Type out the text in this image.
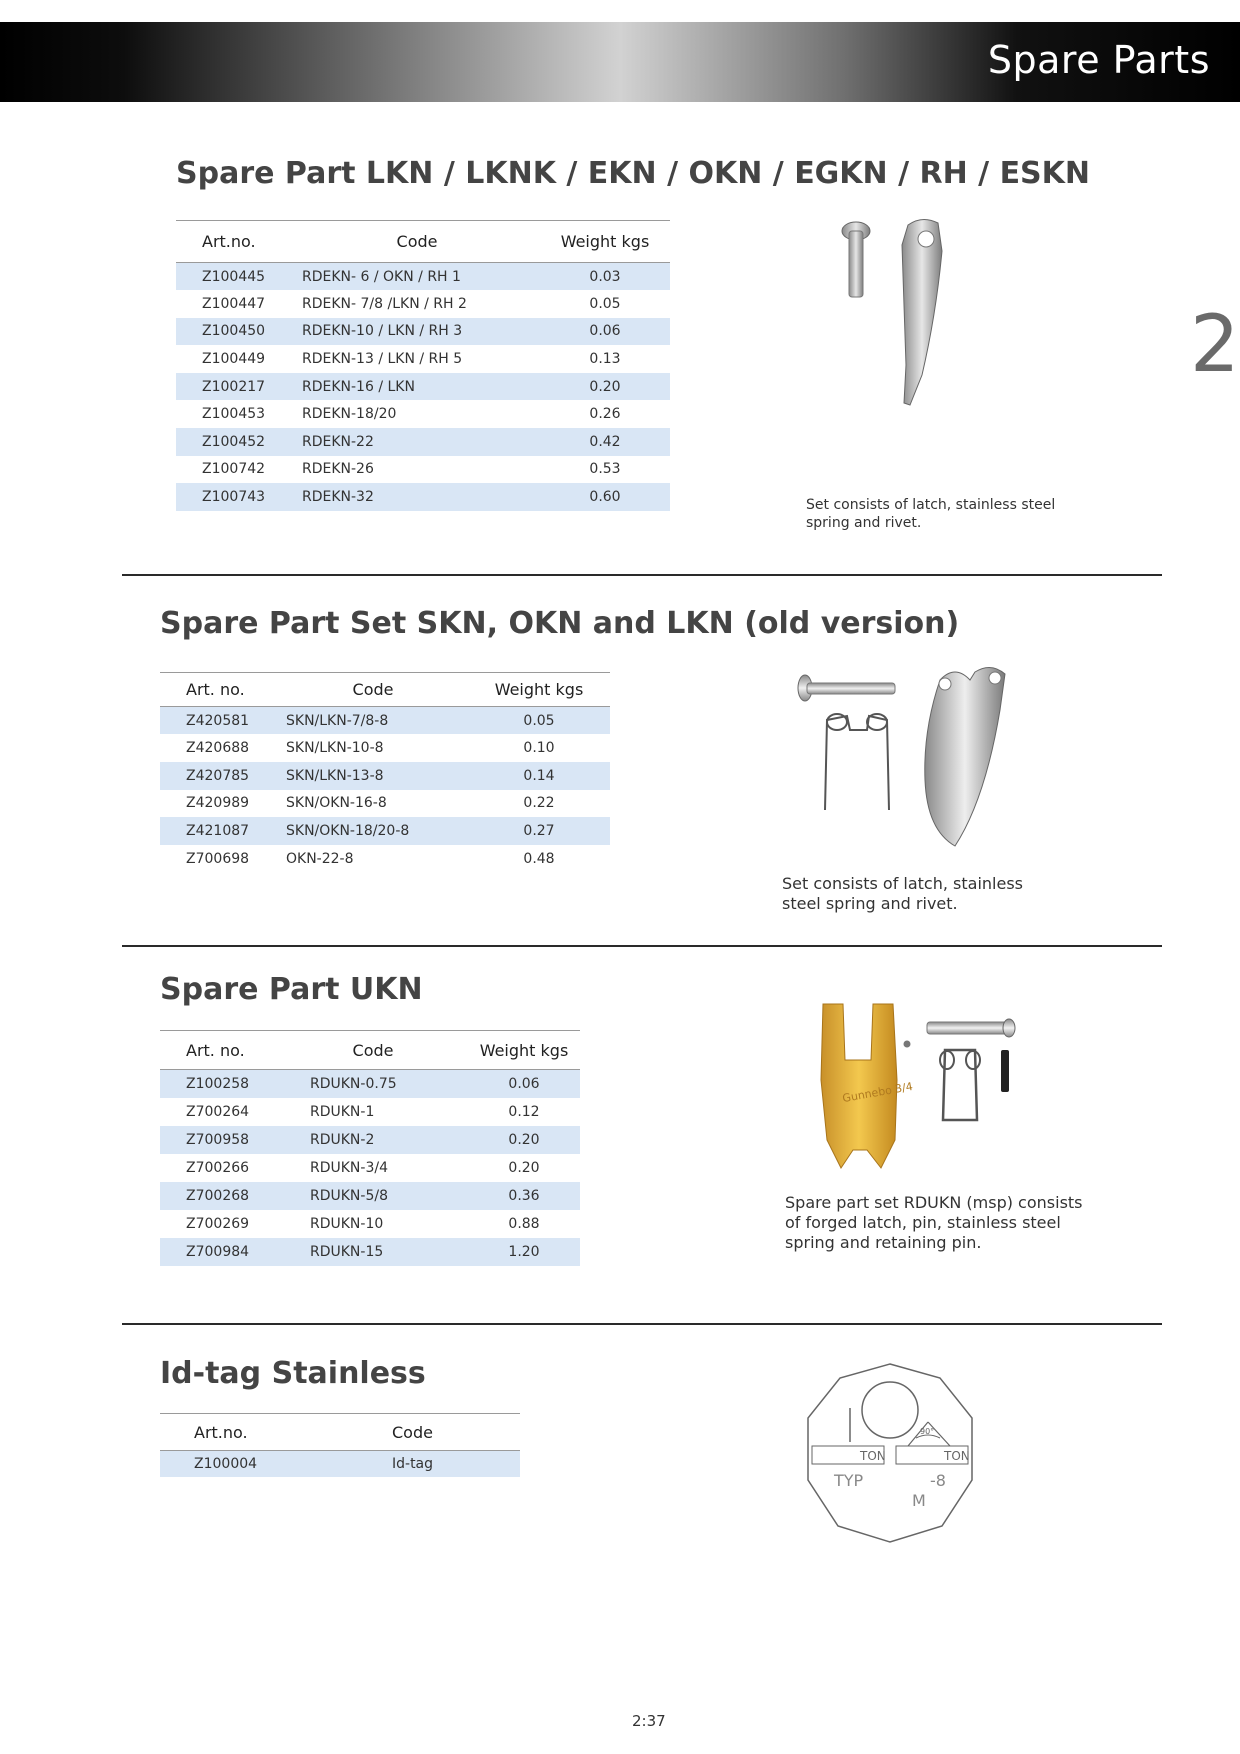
Spare Parts
2
Spare Part LKN / LKNK / EKN / OKN / EGKN / RH / ESKN
Art.no.	Code	Weight kgs
Z100445	RDEKN- 6 / OKN / RH 1	0.03
Z100447	RDEKN- 7/8 /LKN / RH 2	0.05
Z100450	RDEKN-10 / LKN / RH 3	0.06
Z100449	RDEKN-13 / LKN / RH 5	0.13
Z100217	RDEKN-16 / LKN	0.20
Z100453	RDEKN-18/20	0.26
Z100452	RDEKN-22	0.42
Z100742	RDEKN-26	0.53
Z100743	RDEKN-32	0.60	Set consists of latch, stainless steel
spring and rivet.
Spare Part Set SKN, OKN and LKN (old version)
Art. no.	Code	Weight kgs
Z420581	SKN/LKN-7/8-8	0.05
Z420688	SKN/LKN-10-8	0.10
Z420785	SKN/LKN-13-8	0.14
Z420989	SKN/OKN-16-8	0.22
Z421087	SKN/OKN-18/20-8	0.27
Z700698	OKN-22-8	0.48
Set consists of latch, stainless
steel spring and rivet.
Spare Part UKN
Art. no.	Code	Weight kgs
Z100258	RDUKN-0.75	0.06
Z700264	RDUKN-1	0.12
Z700958	RDUKN-2	0.20
Z700266	RDUKN-3/4	0.20
Z700268	RDUKN-5/8	0.36
Z700269	RDUKN-10	0.88
Z700984	RDUKN-15	1.20
Gunnebo 3/4
Spare part set RDUKN (msp) consists
of forged latch, pin, stainless steel
spring and retaining pin.
Id-tag Stainless
Art.no.	Code
Z100004	Id-tag
90°
TON	TON
TYP	-8
M
2:37
